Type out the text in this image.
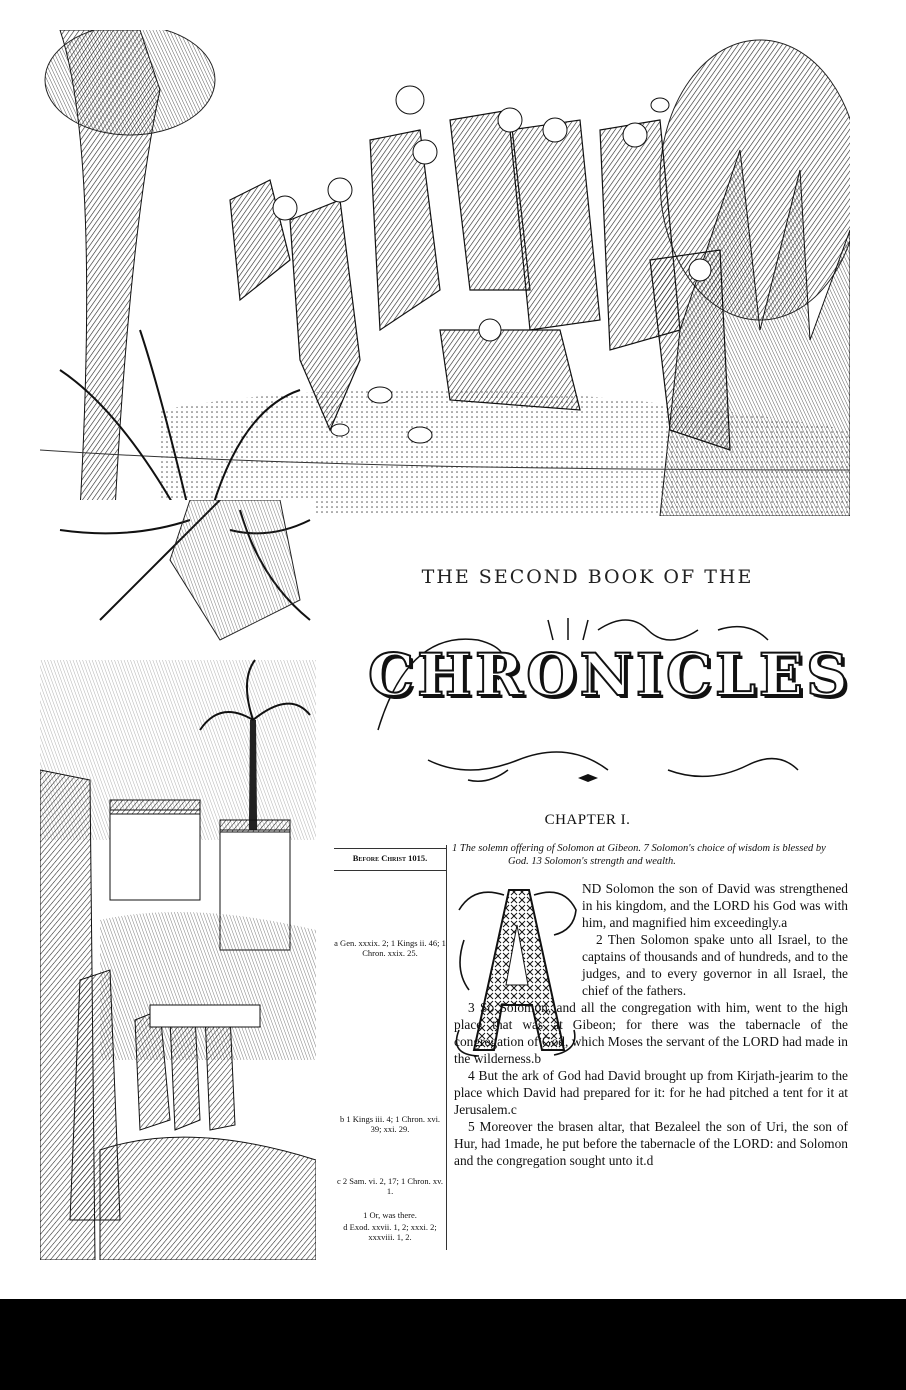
THE SECOND BOOK OF THE
CHRONICLES
CHAPTER I.
1 The solemn offering of Solomon at Gibeon. 7 Solomon's choice of wisdom is blessed by
God. 13 Solomon's strength and wealth.
Before Christ 1015.
a Gen. xxxix. 2; 1 Kings ii. 46; 1 Chron. xxix. 25.
b 1 Kings iii. 4; 1 Chron. xvi. 39; xxi. 29.
c 2 Sam. vi. 2, 17; 1 Chron. xv. 1.
1 Or, was there.
d Exod. xxvii. 1, 2; xxxi. 2; xxxviii. 1, 2.

ND Solomon the son of David was strengthened in his kingdom, and the LORD his God was with him, and magnified him exceedingly.a

2 Then Solomon spake unto all Israel, to the captains of thousands and of hundreds, and to the judges, and to every governor in all Israel, the chief of the fathers.

3 So Solomon, and all the congregation with him, went to the high place that was at Gibeon; for there was the tabernacle of the congregation of God, which Moses the servant of the LORD had made in the wilderness.b

4 But the ark of God had David brought up from Kirjath-jearim to the place which David had prepared for it: for he had pitched a tent for it at Jerusalem.c

5 Moreover the brasen altar, that Bezaleel the son of Uri, the son of Hur, had 1made, he put before the tabernacle of the LORD: and Solomon and the congregation sought unto it.d
